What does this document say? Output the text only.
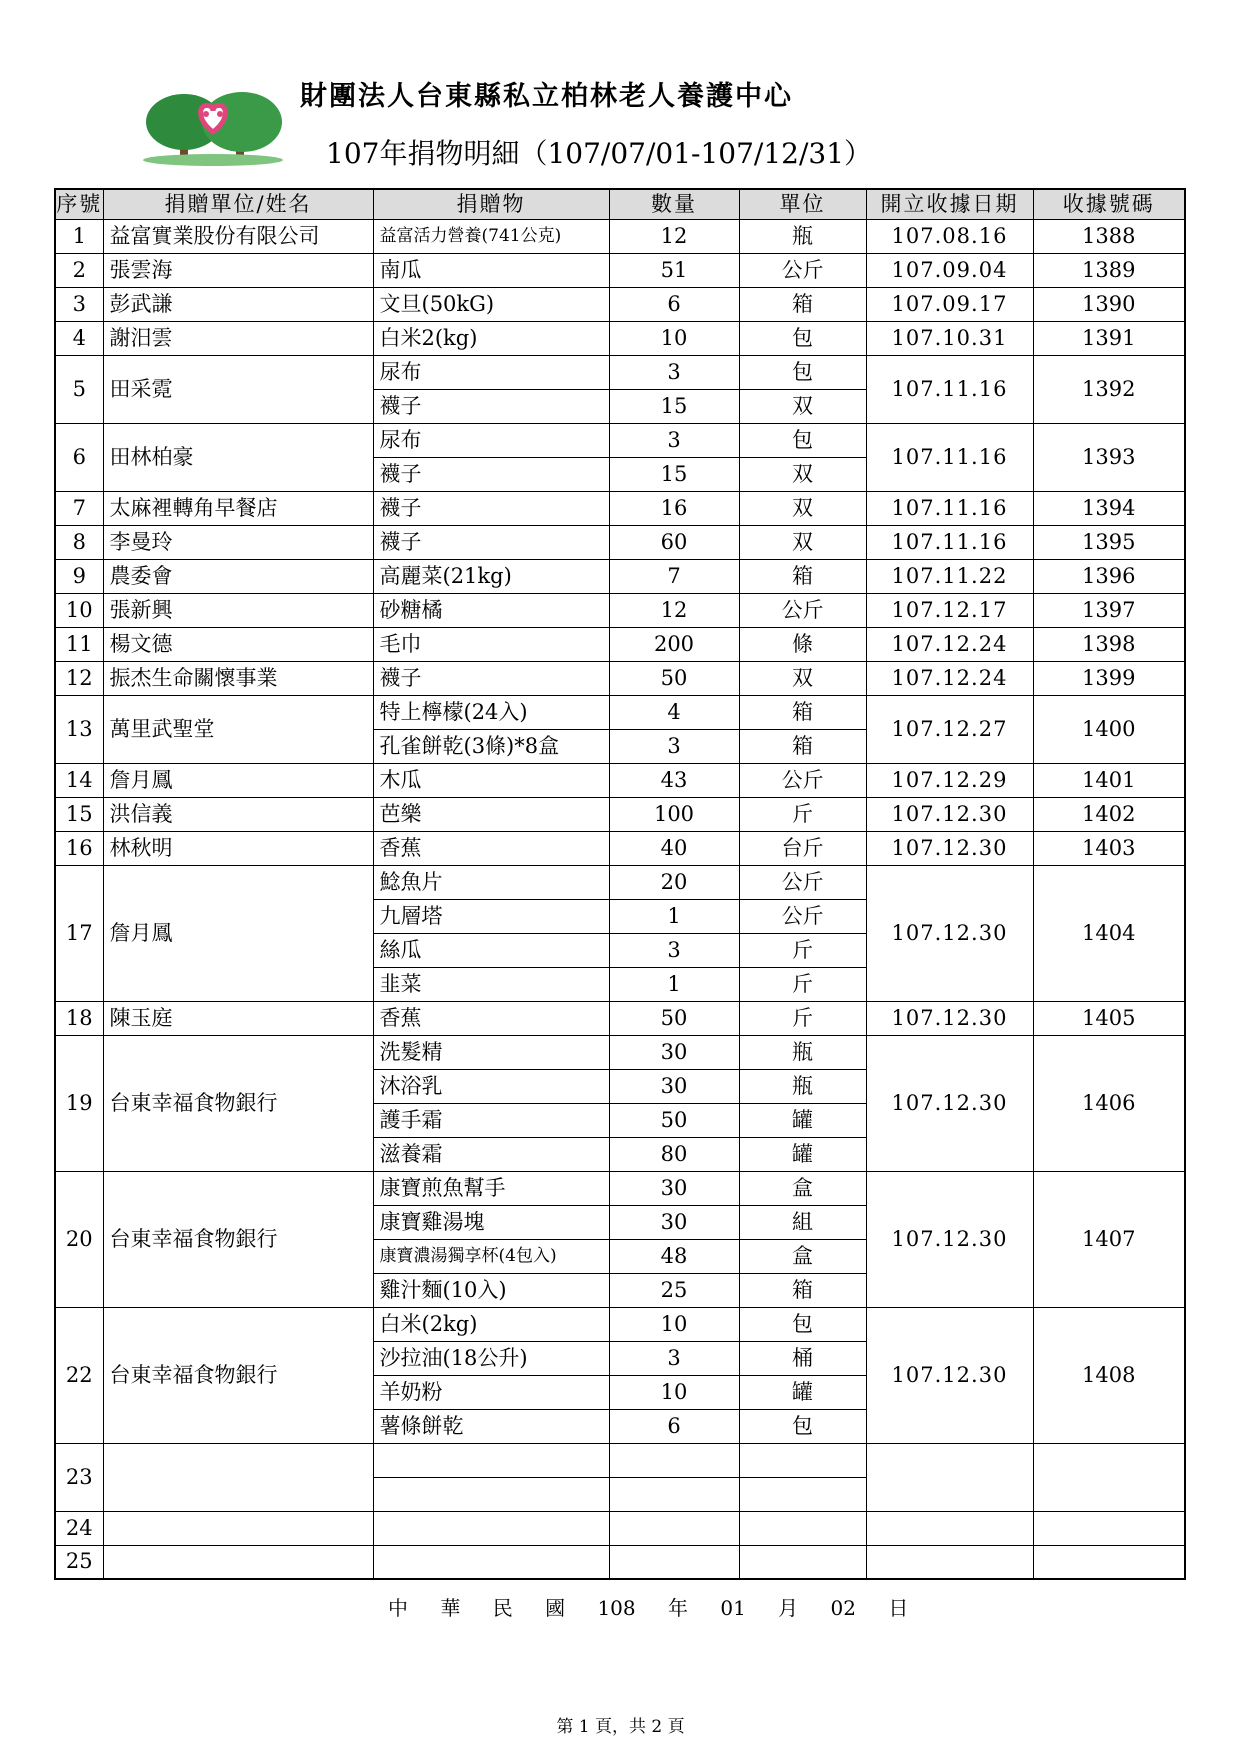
財團法人台東縣私立柏林老人養護中心
107年捐物明細（107/07/01-107/12/31）
序號	捐贈單位/姓名	捐贈物	數量	單位	開立收據日期	收據號碼
1	益富實業股份有限公司	益富活力營養(741公克)	12	瓶	107.08.16	1388
2	張雲海	南瓜	51	公斤	107.09.04	1389
3	彭武謙	文旦(50kG)	6	箱	107.09.17	1390
4	謝汨雲	白米2(kg)	10	包	107.10.31	1391
5	田采霓	尿布	3	包	107.11.16	1392
		襪子	15	双		
6	田林柏豪	尿布	3	包	107.11.16	1393
		襪子	15	双		
7	太麻裡轉角早餐店	襪子	16	双	107.11.16	1394
8	李曼玲	襪子	60	双	107.11.16	1395
9	農委會	高麗菜(21kg)	7	箱	107.11.22	1396
10	張新興	砂糖橘	12	公斤	107.12.17	1397
11	楊文德	毛巾	200	條	107.12.24	1398
12	振杰生命關懷事業	襪子	50	双	107.12.24	1399
13	萬里武聖堂	特上檸檬(24入)	4	箱	107.12.27	1400
		孔雀餅乾(3條)*8盒	3	箱		
14	詹月鳳	木瓜	43	公斤	107.12.29	1401
15	洪信義	芭樂	100	斤	107.12.30	1402
16	林秋明	香蕉	40	台斤	107.12.30	1403
17	詹月鳳	鯰魚片	20	公斤	107.12.30	1404
		九層塔	1	公斤		
		絲瓜	3	斤		
		韭菜	1	斤		
18	陳玉庭	香蕉	50	斤	107.12.30	1405
19	台東幸福食物銀行	洗髮精	30	瓶	107.12.30	1406
		沐浴乳	30	瓶		
		護手霜	50	罐		
		滋養霜	80	罐		
20	台東幸福食物銀行	康寶煎魚幫手	30	盒	107.12.30	1407
		康寶雞湯塊	30	組		
		康寶濃湯獨享杯(4包入)	48	盒		
		雞汁麵(10入)	25	箱		
22	台東幸福食物銀行	白米(2kg)	10	包	107.12.30	1408
		沙拉油(18公升)	3	桶		
		羊奶粉	10	罐		
		薯條餅乾	6	包		
23						

24						
25						
中 華 民 國 108 年 01 月 02 日
第 1 頁，共 2 頁
